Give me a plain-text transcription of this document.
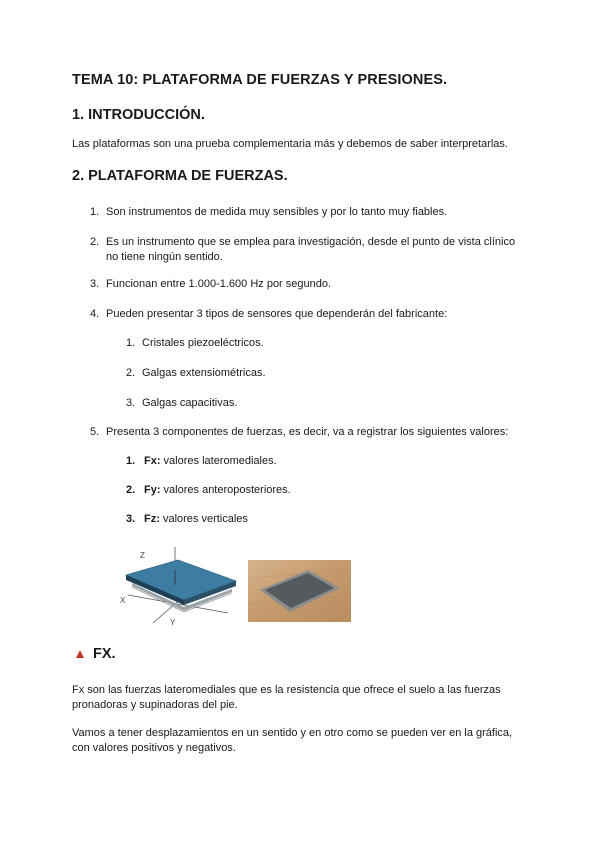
TEMA 10: PLATAFORMA DE FUERZAS Y PRESIONES.
1. INTRODUCCIÓN.
Las plataformas son una prueba complementaria más y debemos de saber interpretarlas.
2. PLATAFORMA DE FUERZAS.
1. Son instrumentos de medida muy sensibles y por lo tanto muy fiables.
2. Es un instrumento que se emplea para investigación, desde el punto de vista clínico
no tiene ningún sentido.
3. Funcionan entre 1.000-1.600 Hz por segundo.
4. Pueden presentar 3 tipos de sensores que dependerán del fabricante:
1. Cristales piezoeléctricos.
2. Galgas extensiométricas.
3. Galgas capacitivas.
5. Presenta 3 componentes de fuerzas, es decir, va a registrar los siguientes valores:
1. Fx: valores lateromediales.
2. Fy: valores anteroposteriores.
3. Fz: valores verticales
Z
X
Y
FX.
Fx son las fuerzas lateromediales que es la resistencia que ofrece el suelo a las fuerzas
pronadoras y supinadoras del pie.
Vamos a tener desplazamientos en un sentido y en otro como se pueden ver en la gráfica,
con valores positivos y negativos.
